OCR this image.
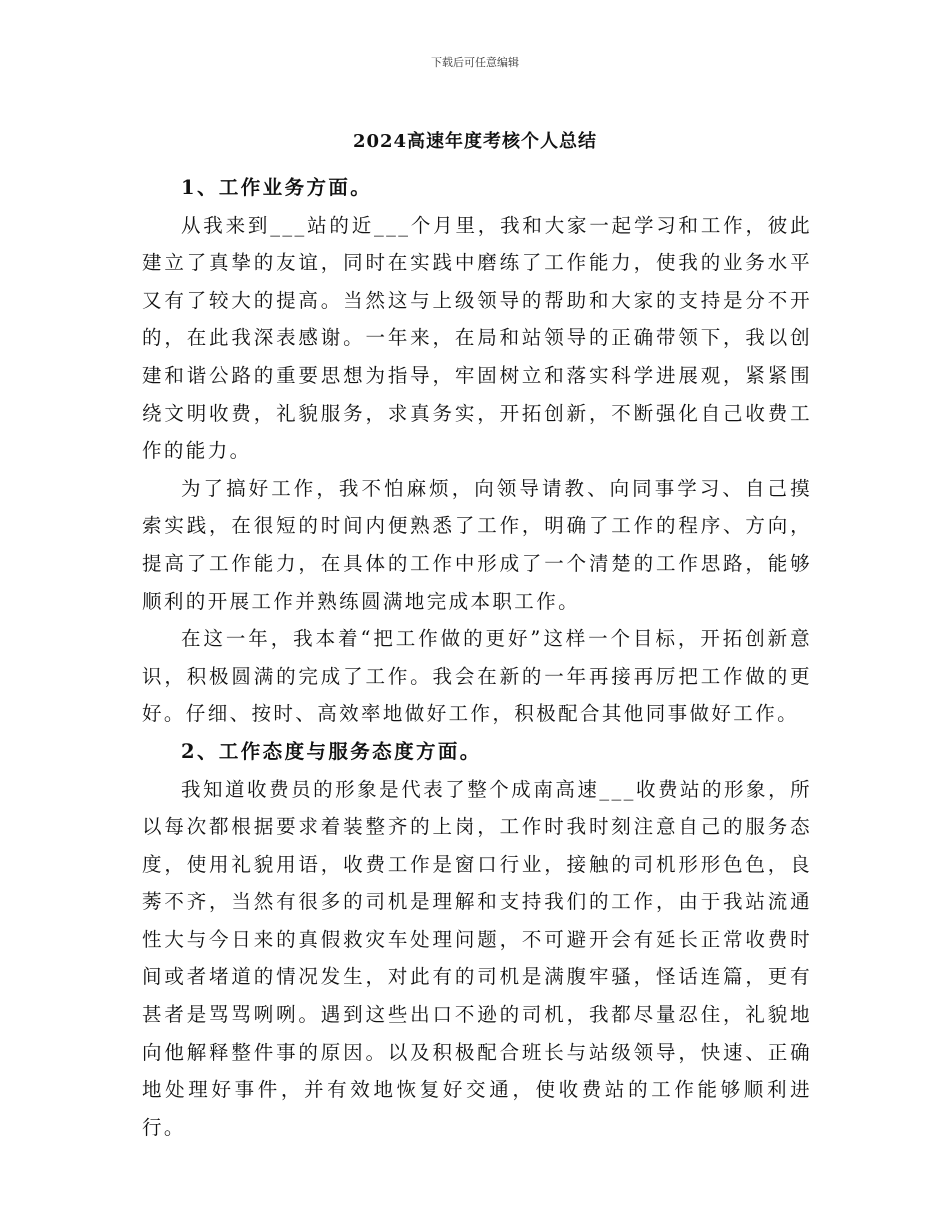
下载后可任意编辑
2024高速年度考核个人总结
1、工作业务方面。

从我来到___站的近___个月里，我和大家一起学习和工作，彼此建立了真挚的友谊，同时在实践中磨练了工作能力，使我的业务水平又有了较大的提高。当然这与上级领导的帮助和大家的支持是分不开的，在此我深表感谢。一年来，在局和站领导的正确带领下，我以创建和谐公路的重要思想为指导，牢固树立和落实科学进展观，紧紧围绕文明收费，礼貌服务，求真务实，开拓创新，不断强化自己收费工作的能力。

为了搞好工作，我不怕麻烦，向领导请教、向同事学习、自己摸索实践，在很短的时间内便熟悉了工作，明确了工作的程序、方向，提高了工作能力，在具体的工作中形成了一个清楚的工作思路，能够顺利的开展工作并熟练圆满地完成本职工作。

在这一年，我本着“把工作做的更好”这样一个目标，开拓创新意识，积极圆满的完成了工作。我会在新的一年再接再厉把工作做的更好。仔细、按时、高效率地做好工作，积极配合其他同事做好工作。

2、工作态度与服务态度方面。

我知道收费员的形象是代表了整个成南高速___收费站的形象，所以每次都根据要求着装整齐的上岗，工作时我时刻注意自己的服务态度，使用礼貌用语，收费工作是窗口行业，接触的司机形形色色，良莠不齐，当然有很多的司机是理解和支持我们的工作，由于我站流通性大与今日来的真假救灾车处理问题，不可避开会有延长正常收费时间或者堵道的情况发生，对此有的司机是满腹牢骚，怪话连篇，更有甚者是骂骂咧咧。遇到这些出口不逊的司机，我都尽量忍住，礼貌地向他解释整件事的原因。以及积极配合班长与站级领导，快速、正确地处理好事件，并有效地恢复好交通，使收费站的工作能够顺利进行。
